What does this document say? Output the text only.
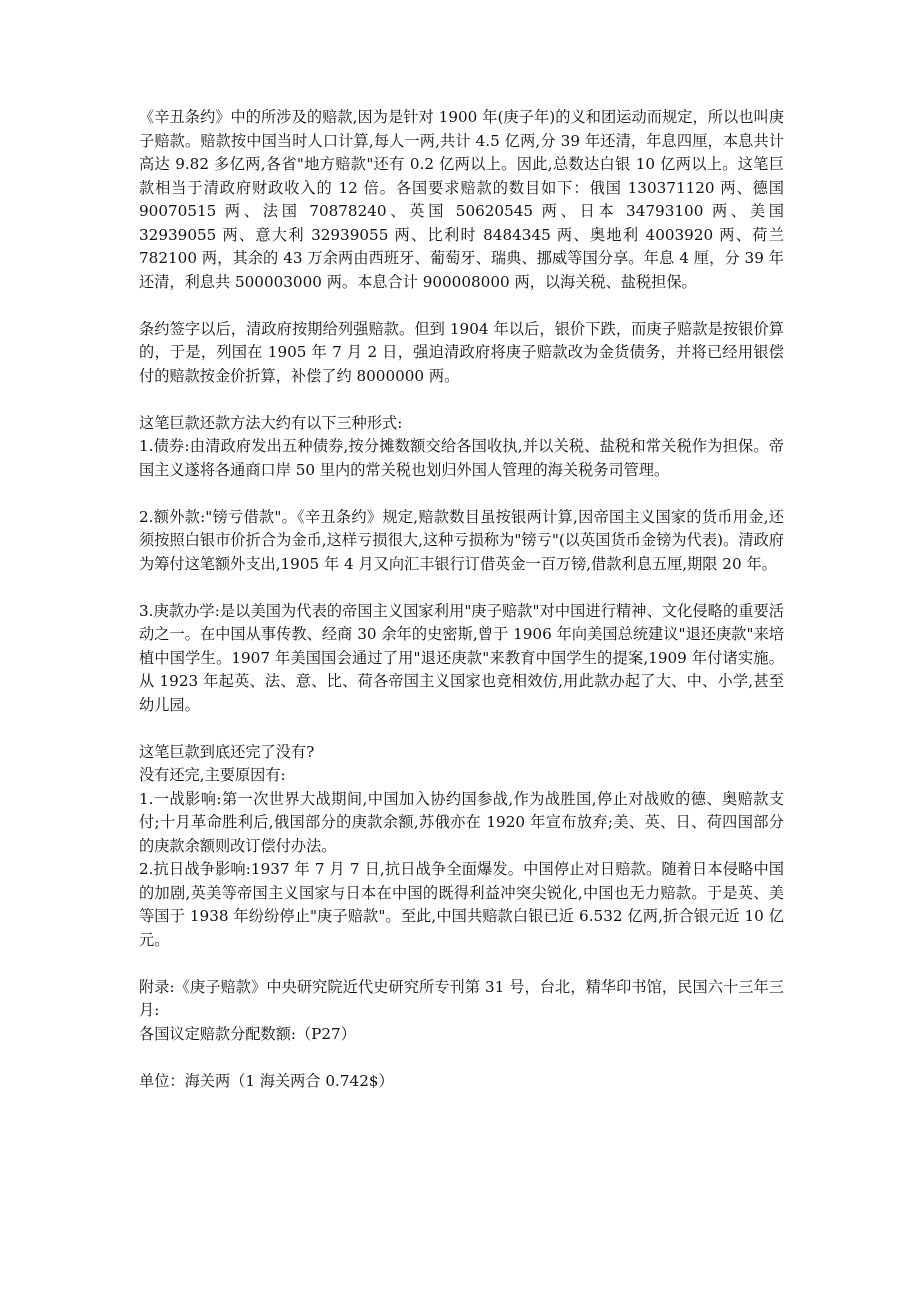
《辛丑条约》中的所涉及的赔款,因为是针对 1900 年(庚子年)的义和团运动而规定，所以也叫庚子赔款。赔款按中国当时人口计算,每人一两,共计 4.5 亿两,分 39 年还清，年息四厘，本息共计高达 9.82 多亿两,各省"地方赔款"还有 0.2 亿两以上。因此,总数达白银 10 亿两以上。这笔巨款相当于清政府财政收入的 12 倍。各国要求赔款的数目如下：俄国 130371120 两、德国 90070515 两、法国 70878240、英国 50620545 两、日本 34793100 两、美国 32939055 两、意大利 32939055 两、比利时 8484345 两、奥地利 4003920 两、荷兰 782100 两，其余的 43 万余两由西班牙、葡萄牙、瑞典、挪威等国分享。年息 4 厘，分 39 年还清，利息共 500003000 两。本息合计 900008000 两，以海关税、盐税担保。

条约签字以后，清政府按期给列强赔款。但到 1904 年以后，银价下跌，而庚子赔款是按银价算的，于是，列国在 1905 年 7 月 2 日，强迫清政府将庚子赔款改为金货债务，并将已经用银偿付的赔款按金价折算，补偿了约 8000000 两。

这笔巨款还款方法大约有以下三种形式:

1.债券:由清政府发出五种债券,按分摊数额交给各国收执,并以关税、盐税和常关税作为担保。帝国主义遂将各通商口岸 50 里内的常关税也划归外国人管理的海关税务司管理。

2.额外款:"镑亏借款"。《辛丑条约》规定,赔款数目虽按银两计算,因帝国主义国家的货币用金,还须按照白银市价折合为金币,这样亏损很大,这种亏损称为"镑亏"(以英国货币金镑为代表)。清政府为筹付这笔额外支出,1905 年 4 月又向汇丰银行订借英金一百万镑,借款利息五厘,期限 20 年。

3.庚款办学:是以美国为代表的帝国主义国家利用"庚子赔款"对中国进行精神、文化侵略的重要活动之一。在中国从事传教、经商 30 余年的史密斯,曾于 1906 年向美国总统建议"退还庚款"来培植中国学生。1907 年美国国会通过了用"退还庚款"来教育中国学生的提案,1909 年付诸实施。从 1923 年起英、法、意、比、荷各帝国主义国家也竞相效仿,用此款办起了大、中、小学,甚至幼儿园。

这笔巨款到底还完了没有?

没有还完,主要原因有:

1.一战影响:第一次世界大战期间,中国加入协约国参战,作为战胜国,停止对战败的德、奥赔款支付;十月革命胜利后,俄国部分的庚款余额,苏俄亦在 1920 年宣布放弃;美、英、日、荷四国部分的庚款余额则改订偿付办法。

2.抗日战争影响:1937 年 7 月 7 日,抗日战争全面爆发。中国停止对日赔款。随着日本侵略中国的加剧,英美等帝国主义国家与日本在中国的既得利益冲突尖锐化,中国也无力赔款。于是英、美等国于 1938 年纷纷停止"庚子赔款"。至此,中国共赔款白银已近 6.532 亿两,折合银元近 10 亿元。

附录:《庚子赔款》中央研究院近代史研究所专刊第 31 号，台北，精华印书馆，民国六十三年三月:

各国议定赔款分配数额:（P27）

单位：海关两（1 海关两合 0.742$）
